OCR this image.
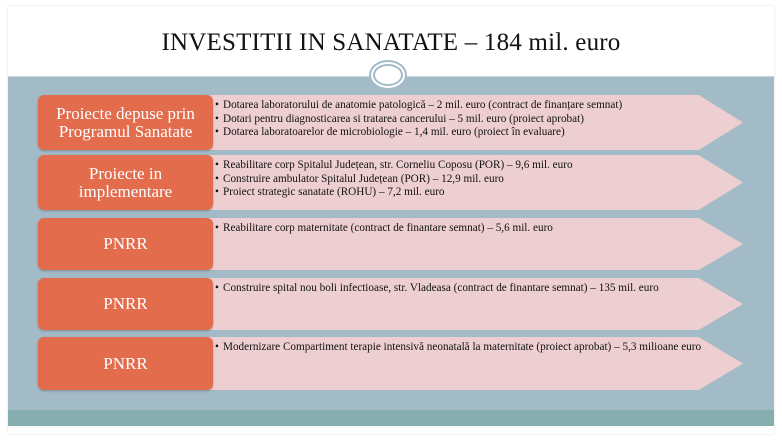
INVESTITII IN SANATATE – 184 mil. euro
Proiecte depuse prin
Programul Sanatate
• Dotarea laboratorului de anatomie patologică – 2 mil. euro (contract de finanțare semnat)
• Dotari pentru diagnosticarea si tratarea cancerului – 5 mil. euro (proiect aprobat)
• Dotarea laboratoarelor de microbiologie – 1,4 mil. euro (proiect în evaluare)
Proiecte in
implementare
• Reabilitare corp Spitalul Județean, str. Corneliu Coposu (POR) – 9,6 mil. euro
• Construire ambulator Spitalul Județean (POR) – 12,9 mil. euro
• Proiect strategic sanatate (ROHU) – 7,2 mil. euro
PNRR
• Reabilitare corp maternitate (contract de finantare semnat) – 5,6 mil. euro
PNRR
• Construire spital nou boli infectioase, str. Vladeasa (contract de finantare semnat) – 135 mil. euro
PNRR
• Modernizare Compartiment terapie intensivă neonatală la maternitate (proiect aprobat) – 5,3 milioane euro
